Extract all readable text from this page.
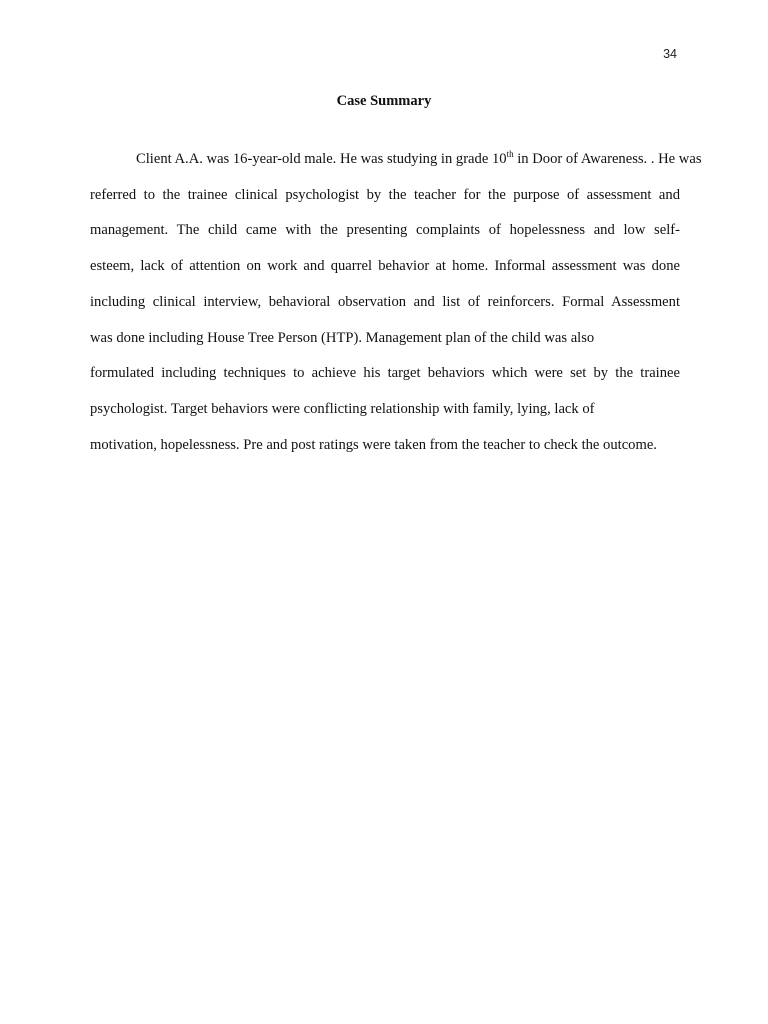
34
Case Summary

Client A.A. was 16-year-old male. He was studying in grade 10th in Door of Awareness. . He was
referred to the trainee clinical psychologist by the teacher for the purpose of assessment and
management. The child came with the presenting complaints of hopelessness and low self-
esteem, lack of attention on work and quarrel behavior at home. Informal assessment was done
including clinical interview, behavioral observation and list of reinforcers. Formal Assessment
was done including House Tree Person (HTP). Management plan of the child was also
formulated including techniques to achieve his target behaviors which were set by the trainee
psychologist. Target behaviors were conflicting relationship with family, lying, lack of
motivation, hopelessness. Pre and post ratings were taken from the teacher to check the outcome.
